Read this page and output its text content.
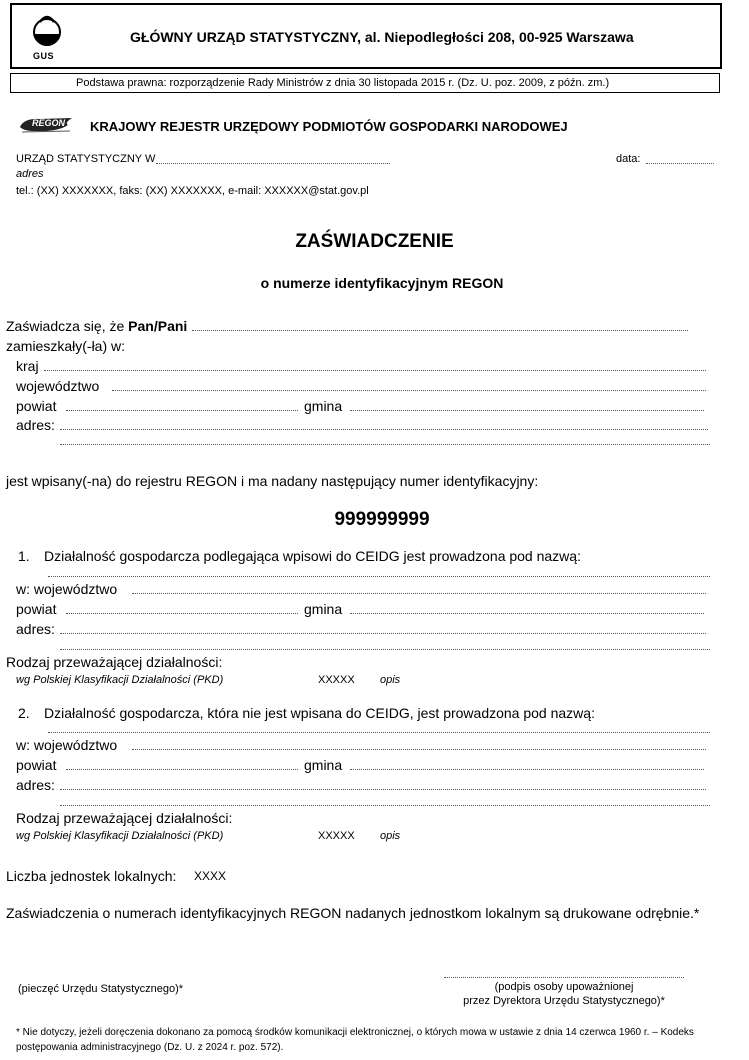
GUS
GŁÓWNY URZĄD STATYSTYCZNY, al. Niepodległości 208, 00-925 Warszawa
Podstawa prawna: rozporządzenie Rady Ministrów z dnia 30 listopada 2015 r. (Dz. U. poz. 2009, z późn. zm.)
REGON KRAJOWY REJESTR URZĘDOWY PODMIOTÓW GOSPODARKI NARODOWEJ
URZĄD STATYSTYCZNY W	data:
adres
tel.: (XX) XXXXXXX, faks: (XX) XXXXXXX, e-mail: XXXXXX@stat.gov.pl
ZAŚWIADCZENIE
o numerze identyfikacyjnym REGON
Zaświadcza się, że Pan/Pani
zamieszkały(-ła) w:
kraj
województwo
powiat	gmina
adres:
jest wpisany(-na) do rejestru REGON i ma nadany następujący numer identyfikacyjny:
999999999
1. Działalność gospodarcza podlegająca wpisowi do CEIDG jest prowadzona pod nazwą:
w: województwo
powiat	gmina
adres:
Rodzaj przeważającej działalności:
wg Polskiej Klasyfikacji Działalności (PKD)	XXXXX opis
2. Działalność gospodarcza, która nie jest wpisana do CEIDG, jest prowadzona pod nazwą:
w: województwo
powiat	gmina
adres:
Rodzaj przeważającej działalności:
wg Polskiej Klasyfikacji Działalności (PKD)	XXXXX opis
Liczba jednostek lokalnych: XXXX
Zaświadczenia o numerach identyfikacyjnych REGON nadanych jednostkom lokalnym są drukowane odrębnie.*
(pieczęć Urzędu Statystycznego)*	(podpis osoby upoważnionej
przez Dyrektora Urzędu Statystycznego)*
* Nie dotyczy, jeżeli doręczenia dokonano za pomocą środków komunikacji elektronicznej, o których mowa w ustawie z dnia 14 czerwca 1960 r. – Kodeks
postępowania administracyjnego (Dz. U. z 2024 r. poz. 572).
